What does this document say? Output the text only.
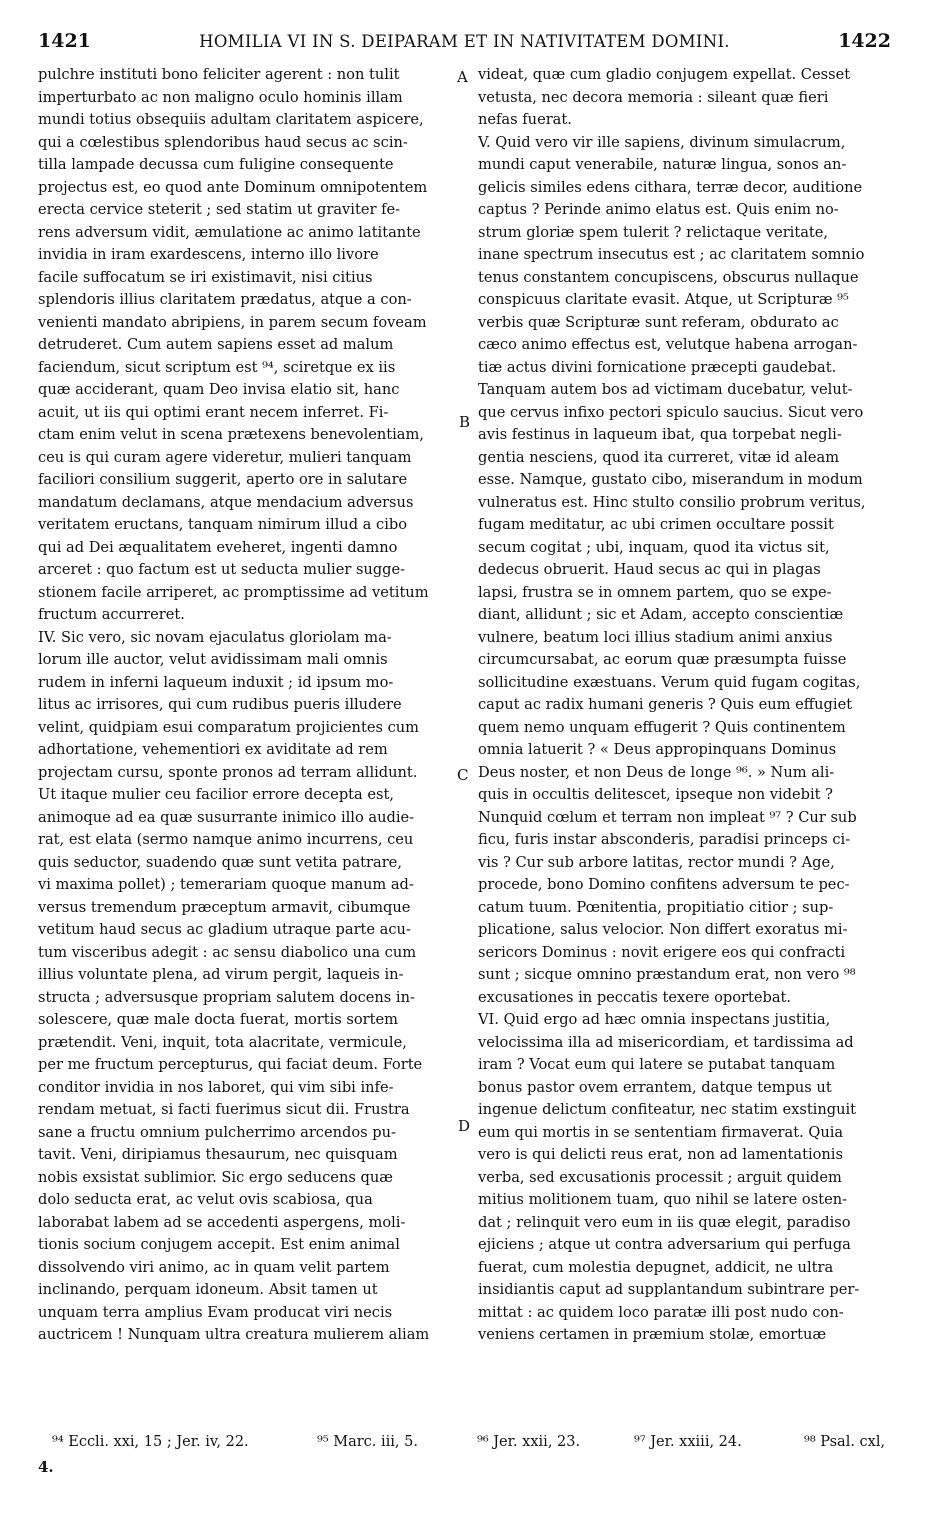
1421	HOMILIA VI IN S. DEIPARAM ET IN NATIVITATEM DOMINI.	1422
pulchre instituti bono feliciter agerent : non tulit
imperturbato ac non maligno oculo hominis illam
mundi totius obsequiis adultam claritatem aspicere,
qui a cœlestibus splendoribus haud secus ac scin-
tilla lampade decussa cum fuligine consequente
projectus est, eo quod ante Dominum omnipotentem
erecta cervice steterit ; sed statim ut graviter fe-
rens adversum vidit, æmulatione ac animo latitante
invidia in iram exardescens, interno illo livore
facile suffocatum se iri existimavit, nisi citius
splendoris illius claritatem prædatus, atque a con-
venienti mandato abripiens, in parem secum foveam
detruderet. Cum autem sapiens esset ad malum
faciendum, sicut scriptum est ⁹⁴, sciretque ex iis
quæ acciderant, quam Deo invisa elatio sit, hanc
acuit, ut iis qui optimi erant necem inferret. Fi-
ctam enim velut in scena prætexens benevolentiam,
ceu is qui curam agere videretur, mulieri tanquam
faciliori consilium suggerit, aperto ore in salutare
mandatum declamans, atque mendacium adversus
veritatem eructans, tanquam nimirum illud a cibo
qui ad Dei æqualitatem eveheret, ingenti damno
arceret : quo factum est ut seducta mulier sugge-
stionem facile arriperet, ac promptissime ad vetitum
fructum accurreret.
IV. Sic vero, sic novam ejaculatus gloriolam ma-
lorum ille auctor, velut avidissimam mali omnis
rudem in inferni laqueum induxit ; id ipsum mo-
litus ac irrisores, qui cum rudibus pueris illudere
velint, quidpiam esui comparatum projicientes cum
adhortatione, vehementiori ex aviditate ad rem
projectam cursu, sponte pronos ad terram allidunt.
Ut itaque mulier ceu facilior errore decepta est,
animoque ad ea quæ susurrante inimico illo audie-
rat, est elata (sermo namque animo incurrens, ceu
quis seductor, suadendo quæ sunt vetita patrare,
vi maxima pollet) ; temerariam quoque manum ad-
versus tremendum præceptum armavit, cibumque
vetitum haud secus ac gladium utraque parte acu-
tum visceribus adegit : ac sensu diabolico una cum
illius voluntate plena, ad virum pergit, laqueis in-
structa ; adversusque propriam salutem docens in-
solescere, quæ male docta fuerat, mortis sortem
prætendit. Veni, inquit, tota alacritate, vermicule,
per me fructum percepturus, qui faciat deum. Forte
conditor invidia in nos laboret, qui vim sibi infe-
rendam metuat, si facti fuerimus sicut dii. Frustra
sane a fructu omnium pulcherrimo arcendos pu-
tavit. Veni, diripiamus thesaurum, nec quisquam
nobis exsistat sublimior. Sic ergo seducens quæ
dolo seducta erat, ac velut ovis scabiosa, qua
laborabat labem ad se accedenti aspergens, moli-
tionis socium conjugem accepit. Est enim animal
dissolvendo viri animo, ac in quam velit partem
inclinando, perquam idoneum. Absit tamen ut
unquam terra amplius Evam producat viri necis
auctricem ! Nunquam ultra creatura mulierem aliam
videat, quæ cum gladio conjugem expellat. Cesset
vetusta, nec decora memoria : sileant quæ fieri
nefas fuerat.
V. Quid vero vir ille sapiens, divinum simulacrum,
mundi caput venerabile, naturæ lingua, sonos an-
gelicis similes edens cithara, terræ decor, auditione
captus ? Perinde animo elatus est. Quis enim no-
strum gloriæ spem tulerit ? relictaque veritate,
inane spectrum insecutus est ; ac claritatem somnio
tenus constantem concupiscens, obscurus nullaque
conspicuus claritate evasit. Atque, ut Scripturæ ⁹⁵
verbis quæ Scripturæ sunt referam, obdurato ac
cæco animo effectus est, velutque habena arrogan-
tiæ actus divini fornicatione præcepti gaudebat.
Tanquam autem bos ad victimam ducebatur, velut-
que cervus infixo pectori spiculo saucius. Sicut vero
avis festinus in laqueum ibat, qua torpebat negli-
gentia nesciens, quod ita curreret, vitæ id aleam
esse. Namque, gustato cibo, miserandum in modum
vulneratus est. Hinc stulto consilio probrum veritus,
fugam meditatur, ac ubi crimen occultare possit
secum cogitat ; ubi, inquam, quod ita victus sit,
dedecus obruerit. Haud secus ac qui in plagas
lapsi, frustra se in omnem partem, quo se expe-
diant, allidunt ; sic et Adam, accepto conscientiæ
vulnere, beatum loci illius stadium animi anxius
circumcursabat, ac eorum quæ præsumpta fuisse
sollicitudine exæstuans. Verum quid fugam cogitas,
caput ac radix humani generis ? Quis eum effugiet
quem nemo unquam effugerit ? Quis continentem
omnia latuerit ? « Deus appropinquans Dominus
Deus noster, et non Deus de longe ⁹⁶. » Num ali-
quis in occultis delitescet, ipseque non videbit ?
Nunquid cœlum et terram non impleat ⁹⁷ ? Cur sub
ficu, furis instar absconderis, paradisi princeps ci-
vis ? Cur sub arbore latitas, rector mundi ? Age,
procede, bono Domino confitens adversum te pec-
catum tuum. Pœnitentia, propitiatio citior ; sup-
plicatione, salus velocior. Non differt exoratus mi-
sericors Dominus : novit erigere eos qui confracti
sunt ; sicque omnino præstandum erat, non vero ⁹⁸
excusationes in peccatis texere oportebat.
VI. Quid ergo ad hæc omnia inspectans justitia,
velocissima illa ad misericordiam, et tardissima ad
iram ? Vocat eum qui latere se putabat tanquam
bonus pastor ovem errantem, datque tempus ut
ingenue delictum confiteatur, nec statim exstinguit
eum qui mortis in se sententiam firmaverat. Quia
vero is qui delicti reus erat, non ad lamentationis
verba, sed excusationis processit ; arguit quidem
mitius molitionem tuam, quo nihil se latere osten-
dat ; relinquit vero eum in iis quæ elegit, paradiso
ejiciens ; atque ut contra adversarium qui perfuga
fuerat, cum molestia depugnet, addicit, ne ultra
insidiantis caput ad supplantandum subintrare per-
mittat : ac quidem loco paratæ illi post nudo con-
veniens certamen in præmium stolæ, emortuæ
A
B
C
D
⁹⁴ Eccli. xxi, 15 ; Jer. iv, 22.	⁹⁵ Marc. iii, 5.	⁹⁶ Jer. xxii, 23.	⁹⁷ Jer. xxiii, 24.	⁹⁸ Psal. cxl,
4.
